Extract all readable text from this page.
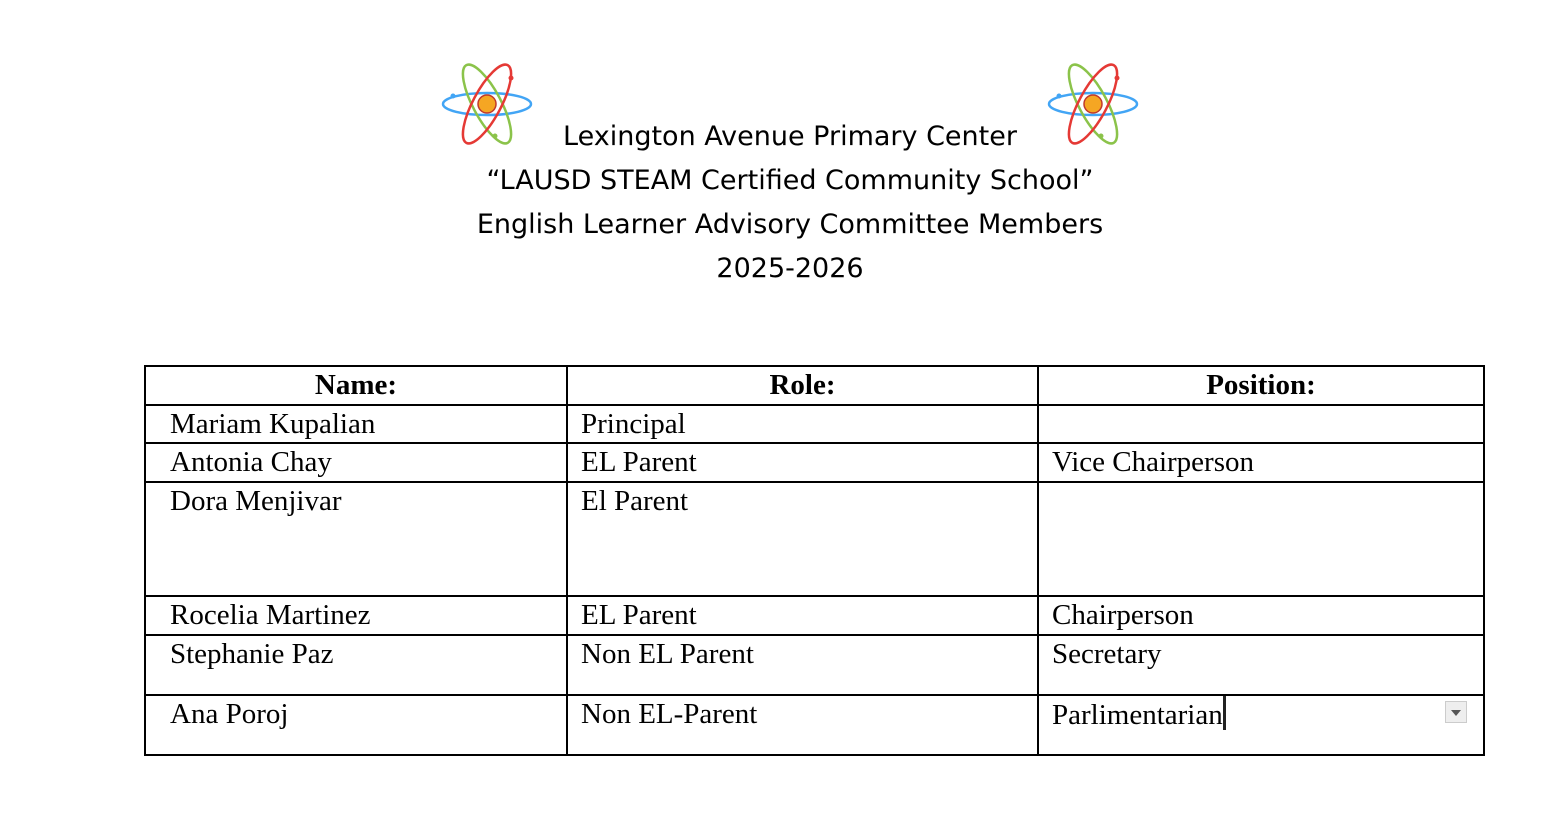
Lexington Avenue Primary Center
“LAUSD STEAM Certified Community School”
English Learner Advisory Committee Members
2025-2026
Name:	Role:	Position:
Mariam Kupalian	Principal	
Antonia Chay	EL Parent	Vice Chairperson
Dora Menjivar	El Parent	
Rocelia Martinez	EL Parent	Chairperson
Stephanie Paz	Non EL Parent	Secretary
Ana Poroj	Non EL-Parent	Parlimentarian
